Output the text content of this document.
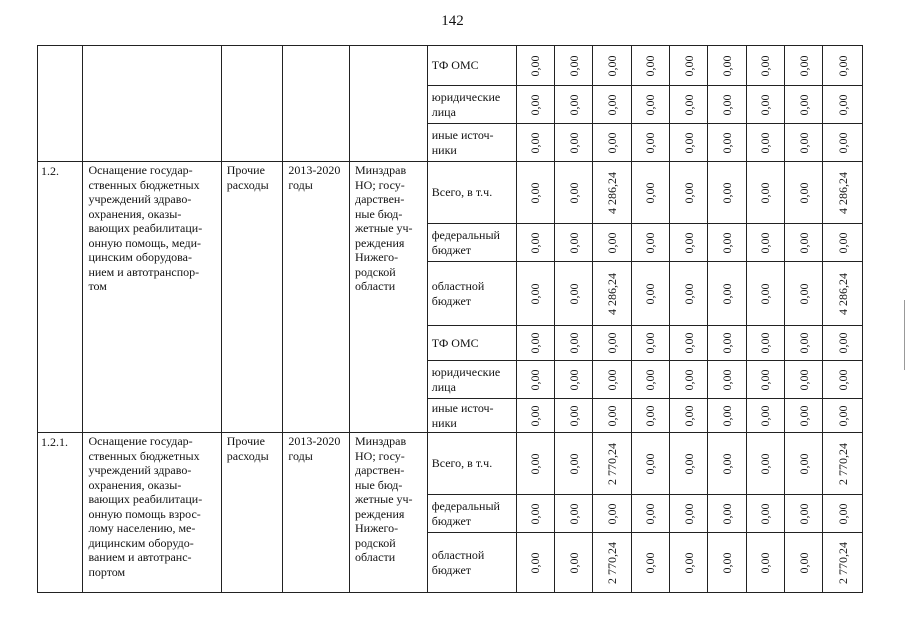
142
					ТФ ОМС	0,00	0,00	0,00	0,00	0,00	0,00	0,00	0,00	0,00

					юридические лица	0,00	0,00	0,00	0,00	0,00	0,00	0,00	0,00	0,00

					иные источ-ники	0,00	0,00	0,00	0,00	0,00	0,00	0,00	0,00	0,00

1.2.	Оснащение государ-ственных бюджетных учреждений здраво-охранения, оказы-вающих реабилитаци-онную помощь, меди-цинским оборудова-нием и автотранспор-том	Прочие расходы	2013-2020 годы	Минздрав НО; госу-дарствен-ные бюд-жетные уч-реждения Нижего-родской области	Всего, в т.ч.	0,00	0,00	4 286,24	0,00	0,00	0,00	0,00	0,00	4 286,24

					федеральный бюджет	0,00	0,00	0,00	0,00	0,00	0,00	0,00	0,00	0,00

					областной бюджет	0,00	0,00	4 286,24	0,00	0,00	0,00	0,00	0,00	4 286,24

					ТФ ОМС	0,00	0,00	0,00	0,00	0,00	0,00	0,00	0,00	0,00

					юридические лица	0,00	0,00	0,00	0,00	0,00	0,00	0,00	0,00	0,00

					иные источ-ники	0,00	0,00	0,00	0,00	0,00	0,00	0,00	0,00	0,00

1.2.1.	Оснащение государ-ственных бюджетных учреждений здраво-охранения, оказы-вающих реабилитаци-онную помощь взрос-лому населению, ме-дицинским оборудо-ванием и автотранс-портом	Прочие расходы	2013-2020 годы	Минздрав НО; госу-дарствен-ные бюд-жетные уч-реждения Нижего-родской области	Всего, в т.ч.	0,00	0,00	2 770,24	0,00	0,00	0,00	0,00	0,00	2 770,24

					федеральный бюджет	0,00	0,00	0,00	0,00	0,00	0,00	0,00	0,00	0,00

					областной бюджет	0,00	0,00	2 770,24	0,00	0,00	0,00	0,00	0,00	2 770,24
